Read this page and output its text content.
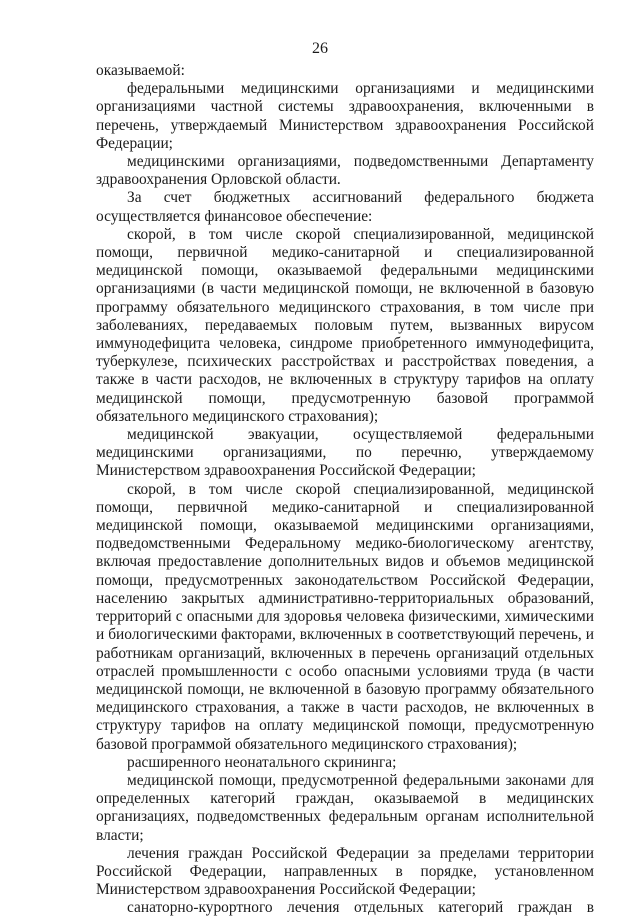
26

оказываемой:

федеральными медицинскими организациями и медицинскими организациями частной системы здравоохранения, включенными в перечень, утверждаемый Министерством здравоохранения Российской Федерации;

медицинскими организациями, подведомственными Департаменту здравоохранения Орловской области.

За счет бюджетных ассигнований федерального бюджета осуществляется финансовое обеспечение:

скорой, в том числе скорой специализированной, медицинской помощи, первичной медико-санитарной и специализированной медицинской помощи, оказываемой федеральными медицинскими организациями (в части медицинской помощи, не включенной в базовую программу обязательного медицинского страхования, в том числе при заболеваниях, передаваемых половым путем, вызванных вирусом иммунодефицита человека, синдроме приобретенного иммунодефицита, туберкулезе, психических расстройствах и расстройствах поведения, а также в части расходов, не включенных в структуру тарифов на оплату медицинской помощи, предусмотренную базовой программой обязательного медицинского страхования);

медицинской эвакуации, осуществляемой федеральными медицинскими организациями, по перечню, утверждаемому Министерством здравоохранения Российской Федерации;

скорой, в том числе скорой специализированной, медицинской помощи, первичной медико-санитарной и специализированной медицинской помощи, оказываемой медицинскими организациями, подведомственными Федеральному медико-биологическому агентству, включая предоставление дополнительных видов и объемов медицинской помощи, предусмотренных законодательством Российской Федерации, населению закрытых административно-территориальных образований, территорий с опасными для здоровья человека физическими, химическими и биологическими факторами, включенных в соответствующий перечень, и работникам организаций, включенных в перечень организаций отдельных отраслей промышленности с особо опасными условиями труда (в части медицинской помощи, не включенной в базовую программу обязательного медицинского страхования, а также в части расходов, не включенных в структуру тарифов на оплату медицинской помощи, предусмотренную базовой программой обязательного медицинского страхования);

расширенного неонатального скрининга;

медицинской помощи, предусмотренной федеральными законами для определенных категорий граждан, оказываемой в медицинских организациях, подведомственных федеральным органам исполнительной власти;

лечения граждан Российской Федерации за пределами территории Российской Федерации, направленных в порядке, установленном Министерством здравоохранения Российской Федерации;

санаторно-курортного лечения отдельных категорий граждан в
